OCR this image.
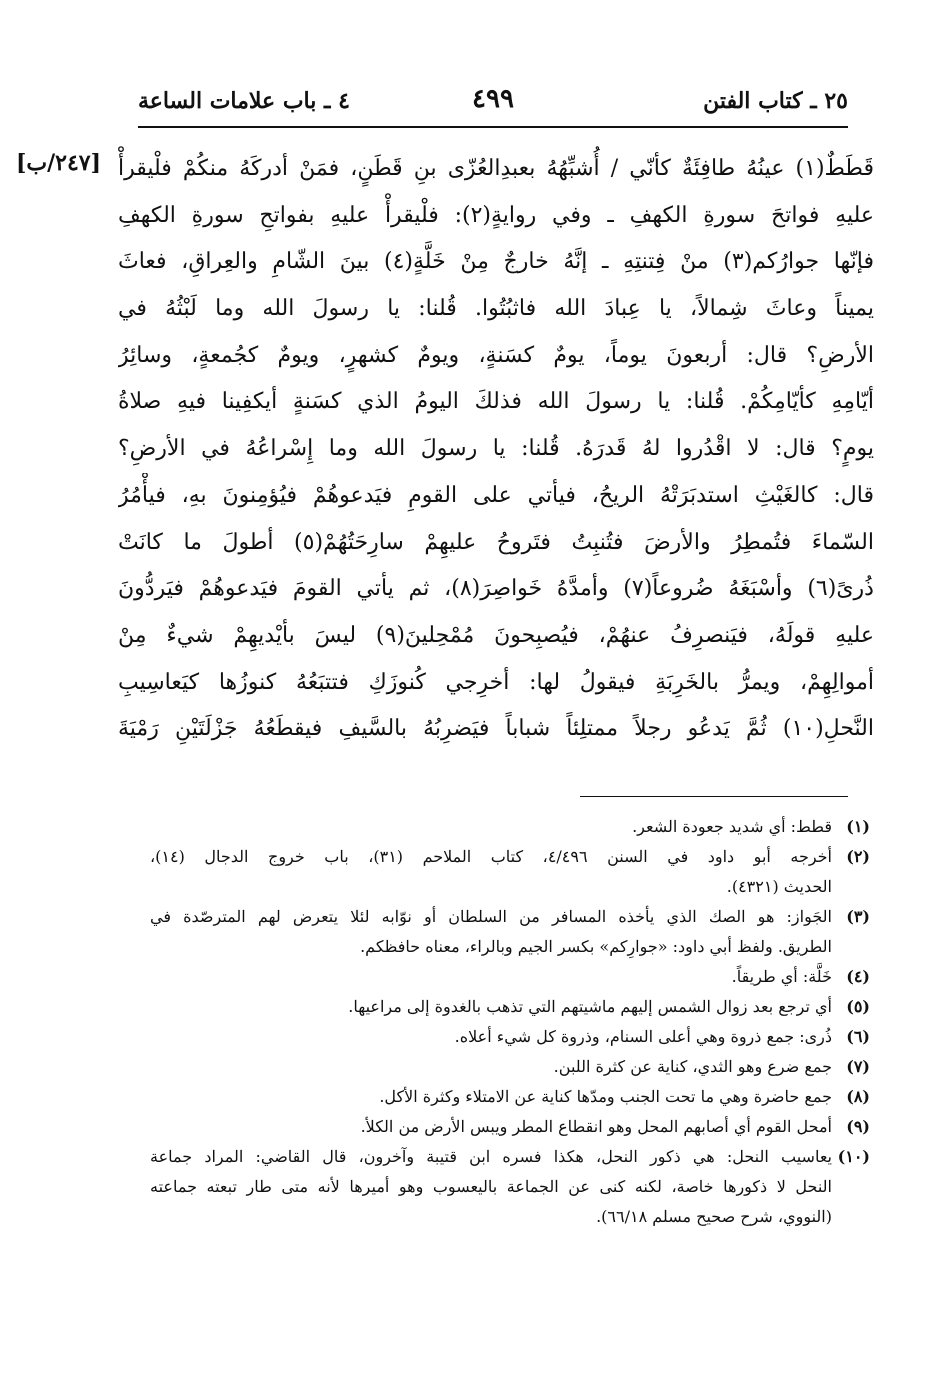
٢٥ ـ كتاب الفتن
٤٩٩
٤ ـ باب علامات الساعة
[٢٤٧/ب] قَطَطٌ(١) عينُهُ طافِئَةٌ كأنّي / أُشبِّهُهُ بعبدِالعُزّى بنِ قَطَنٍ، فمَنْ أدركَهُ منكُمْ فلْيقرأْ
عليهِ فواتحَ سورةِ الكهفِ ـ وفي روايةٍ(٢): فلْيقرأْ عليهِ بفواتحِ سورةِ الكهفِ
فإنّها جوارُكم(٣) منْ فِتنتِهِ ـ إنَّهُ خارجٌ مِنْ خَلَّةٍ(٤) بينَ الشّامِ والعِراقِ، فعاثَ
يميناً وعاثَ شِمالاً، يا عِبادَ الله فاثبُتُوا. قُلنا: يا رسولَ الله وما لَبْثُهُ في
الأرضِ؟ قال: أربعونَ يوماً، يومٌ كسَنةٍ، ويومٌ كشهرٍ، ويومٌ كجُمعةٍ، وسائِرُ
أيّامِهِ كأيّامِكُمْ. قُلنا: يا رسولَ الله فذلكَ اليومُ الذي كسَنةٍ أيكفِينا فيهِ صلاةُ
يومٍ؟ قال: لا اقْدُروا لهُ قَدرَهُ. قُلنا: يا رسولَ الله وما إِسْراعُهُ في الأرضِ؟
قال: كالغَيْثِ استدبَرَتْهُ الريحُ، فيأتي على القومِ فيَدعوهُمْ فيُؤمِنونَ بهِ، فيأْمُرُ
السّماءَ فتُمطِرُ والأرضَ فتُنبِتُ فتَروحُ عليهِمْ سارِحَتُهُمْ(٥) أطولَ ما كانَتْ
ذُرىً(٦) وأسْبَغَهُ ضُروعاً(٧) وأمدَّهُ خَواصِرَ(٨)، ثم يأتي القومَ فيَدعوهُمْ فيَردُّونَ
عليهِ قولَهُ، فيَنصرِفُ عنهُمْ، فيُصبِحونَ مُمْحِلينَ(٩) ليسَ بأيْديهِمْ شيءٌ مِنْ
أموالِهِمْ، ويمرُّ بالخَرِبَةِ فيقولُ لها: أخرِجي كُنوزَكِ فتتبَعُهُ كنوزُها كيَعاسِيبِ
النَّحلِ(١٠) ثُمَّ يَدعُو رجلاً ممتلِئاً شباباً فيَضرِبُهُ بالسَّيفِ فيقطَعُهُ جَزْلَتَيْنِ رَمْيَةَ
(١)
قطط: أي شديد جعودة الشعر.
(٢)
أخرجه أبو داود في السنن ٤/٤٩٦، كتاب الملاحم (٣١)، باب خروج الدجال (١٤)،
الحديث (٤٣٢١).
(٣)
الجَواز: هو الصك الذي يأخذه المسافر من السلطان أو نوّابه لئلا يتعرض لهم المترصّدة في
الطريق. ولفظ أبي داود: «جوارِكم» بكسر الجيم وبالراء، معناه حافظكم.
(٤)
خَلَّة: أي طريقاً.
(٥)
أي ترجع بعد زوال الشمس إليهم ماشيتهم التي تذهب بالغدوة إلى مراعيها.
(٦)
ذُرى: جمع ذروة وهي أعلى السنام، وذروة كل شيء أعلاه.
(٧)
جمع ضرع وهو الثدي، كناية عن كثرة اللبن.
(٨)
جمع حاضرة وهي ما تحت الجنب ومدّها كناية عن الامتلاء وكثرة الأكل.
(٩)
أمحل القوم أي أصابهم المحل وهو انقطاع المطر ويبس الأرض من الكلأ.
(١٠)
يعاسيب النحل: هي ذكور النحل، هكذا فسره ابن قتيبة وآخرون، قال القاضي: المراد جماعة
النحل لا ذكورها خاصة، لكنه كنى عن الجماعة باليعسوب وهو أميرها لأنه متى طار تبعته جماعته
(النووي، شرح صحيح مسلم ٦٦/١٨).
